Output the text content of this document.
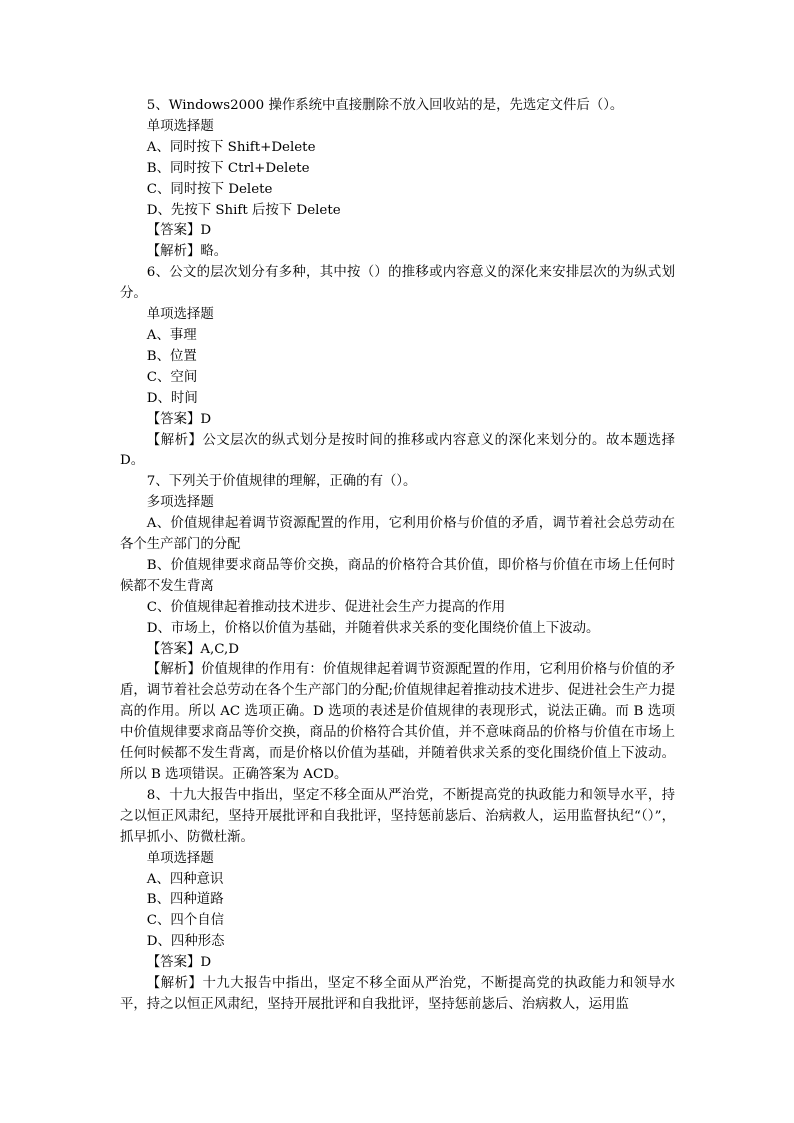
5、Windows2000 操作系统中直接删除不放入回收站的是，先选定文件后（）。

单项选择题

A、同时按下 Shift+Delete

B、同时按下 Ctrl+Delete

C、同时按下 Delete

D、先按下 Shift 后按下 Delete

【答案】D

【解析】略。

6、公文的层次划分有多种，其中按（）的推移或内容意义的深化来安排层次的为纵式划分。

单项选择题

A、事理

B、位置

C、空间

D、时间

【答案】D

【解析】公文层次的纵式划分是按时间的推移或内容意义的深化来划分的。故本题选择 D。

7、下列关于价值规律的理解，正确的有（）。

多项选择题

A、价值规律起着调节资源配置的作用，它利用价格与价值的矛盾，调节着社会总劳动在各个生产部门的分配

B、价值规律要求商品等价交换，商品的价格符合其价值，即价格与价值在市场上任何时候都不发生背离

C、价值规律起着推动技术进步、促进社会生产力提高的作用

D、市场上，价格以价值为基础，并随着供求关系的变化围绕价值上下波动。

【答案】A,C,D

【解析】价值规律的作用有：价值规律起着调节资源配置的作用，它利用价格与价值的矛盾，调节着社会总劳动在各个生产部门的分配;价值规律起着推动技术进步、促进社会生产力提高的作用。所以 AC 选项正确。D 选项的表述是价值规律的表现形式，说法正确。而 B 选项中价值规律要求商品等价交换，商品的价格符合其价值，并不意味商品的价格与价值在市场上任何时候都不发生背离，而是价格以价值为基础，并随着供求关系的变化围绕价值上下波动。所以 B 选项错误。正确答案为 ACD。

8、十九大报告中指出，坚定不移全面从严治党，不断提高党的执政能力和领导水平，持之以恒正风肃纪，坚持开展批评和自我批评，坚持惩前毖后、治病救人，运用监督执纪“（）”，抓早抓小、防微杜渐。

单项选择题

A、四种意识

B、四种道路

C、四个自信

D、四种形态

【答案】D

【解析】十九大报告中指出，坚定不移全面从严治党，不断提高党的执政能力和领导水平，持之以恒正风肃纪，坚持开展批评和自我批评，坚持惩前毖后、治病救人，运用监
